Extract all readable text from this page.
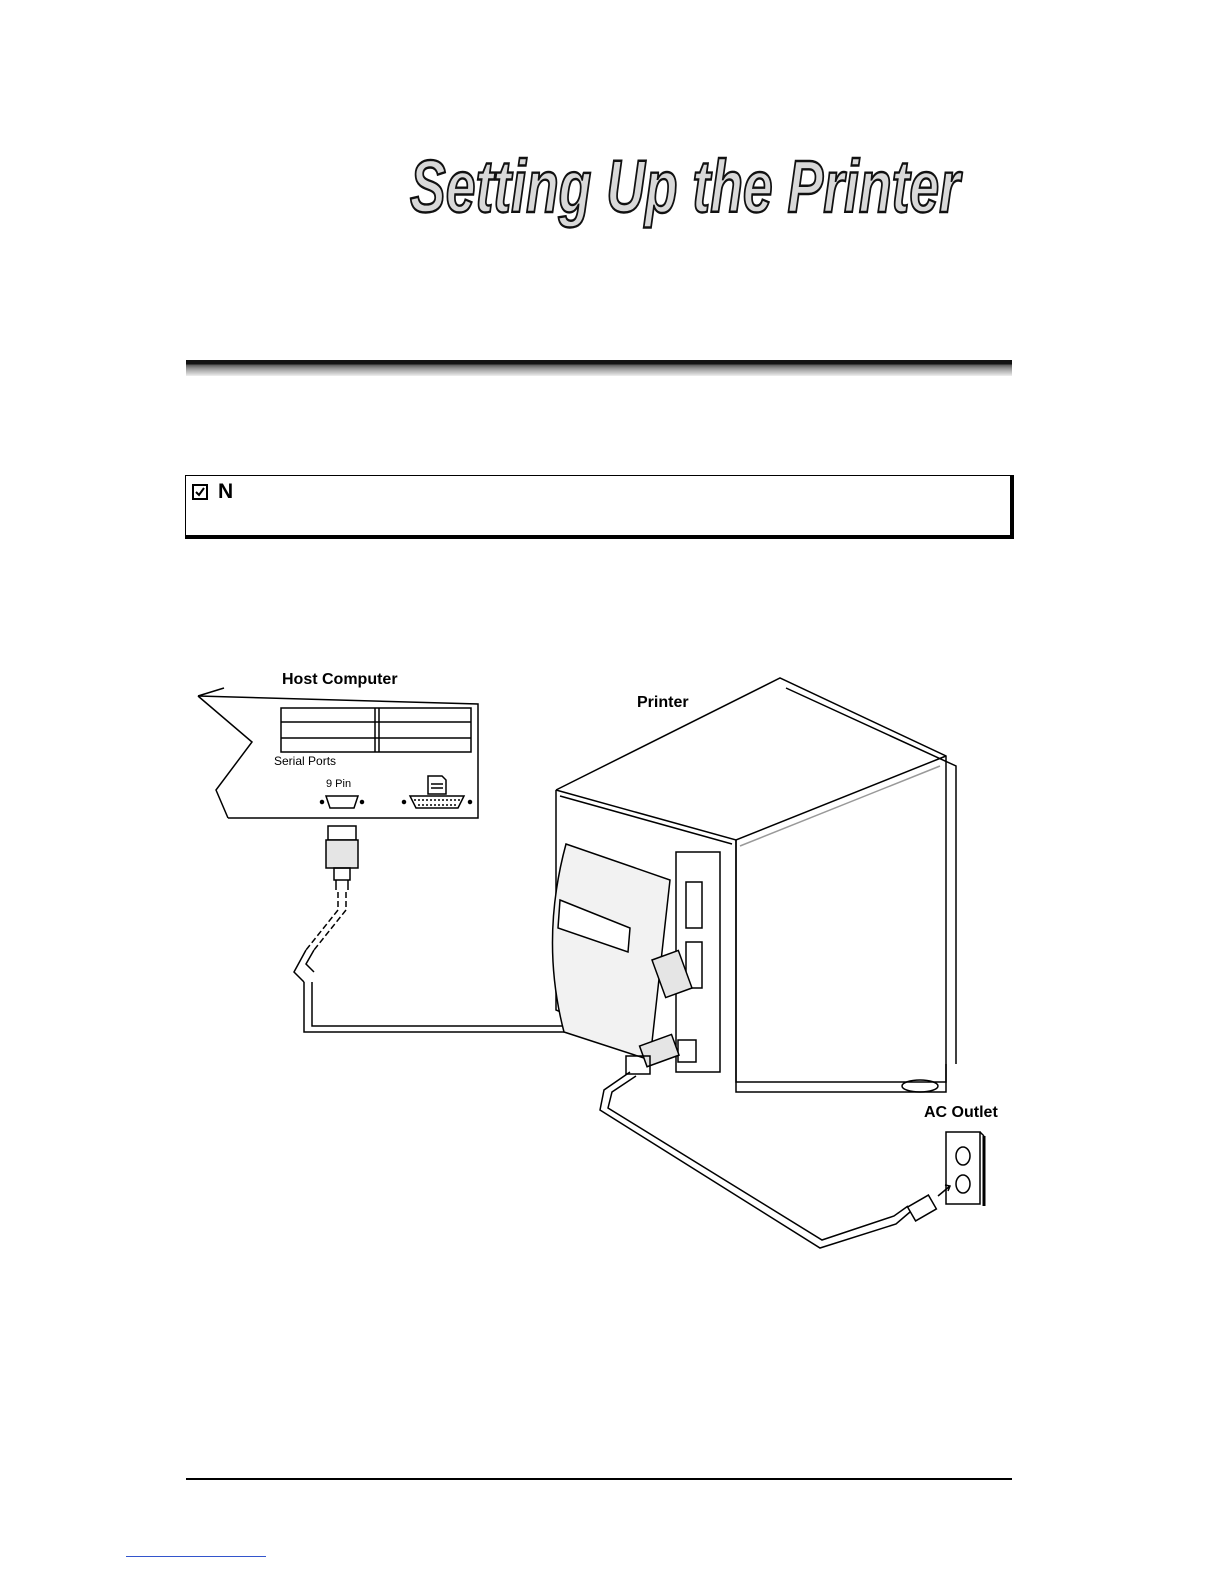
Setting Up the Printer
N
Host Computer
Printer
Serial Ports
9 Pin
AC Outlet
